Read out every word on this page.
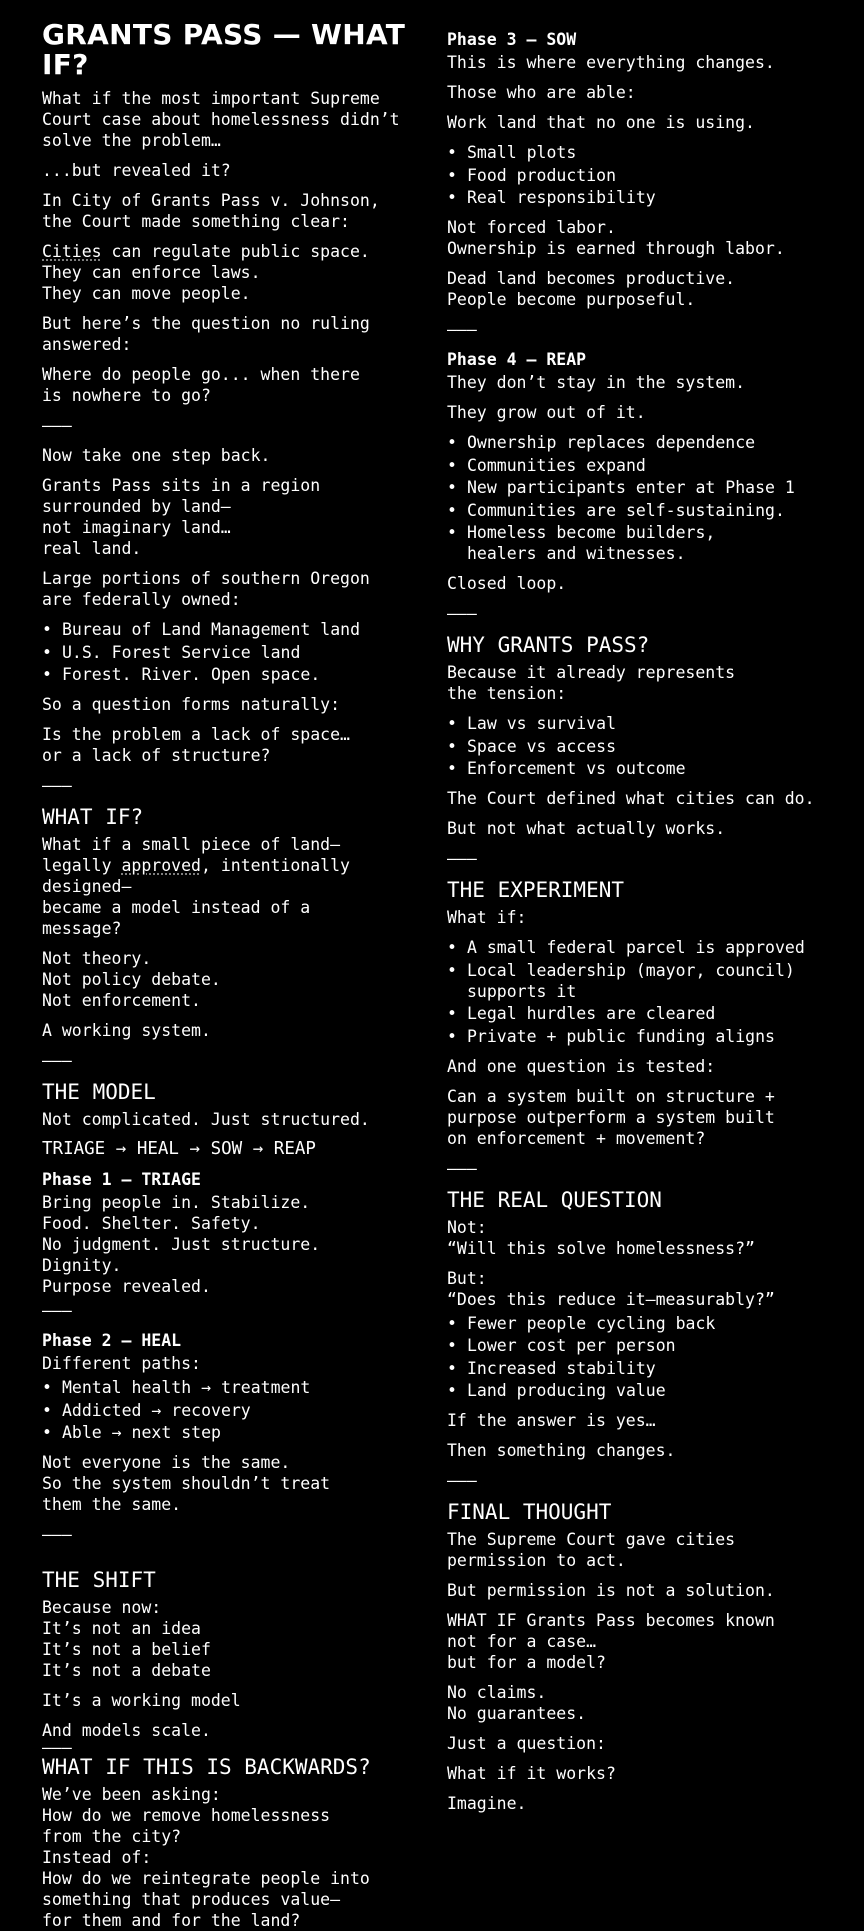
GRANTS PASS — WHAT IF?

What if the most important Supreme Court case about homelessness didn’t solve the problem…

...but revealed it?

In City of Grants Pass v. Johnson, the Court made something clear:

Cities can regulate public space.
They can enforce laws.
They can move people.

But here’s the question no ruling answered:

Where do people go... when there is nowhere to go?

———

Now take one step back.

Grants Pass sits in a region surrounded by land—
not imaginary land…
real land.

Large portions of southern Oregon are federally owned:

• Bureau of Land Management land
• U.S. Forest Service land
• Forest. River. Open space.

So a question forms naturally:

Is the problem a lack of space…
or a lack of structure?

———
WHAT IF?

What if a small piece of land—
legally approved, intentionally designed—
became a model instead of a message?

Not theory.
Not policy debate.
Not enforcement.

A working system.

———
THE MODEL

Not complicated. Just structured.

TRIAGE → HEAL → SOW → REAP

Phase 1 — TRIAGE

Bring people in. Stabilize.
Food. Shelter. Safety.
No judgment. Just structure.
Dignity.
Purpose revealed.

———
Phase 2 — HEAL

Different paths:

• Mental health → treatment
• Addicted → recovery
• Able → next step

Not everyone is the same.
So the system shouldn’t treat them the same.

———
THE SHIFT

Because now:
It’s not an idea
It’s not a belief
It’s not a debate

It’s a working model

And models scale.

———
WHAT IF THIS IS BACKWARDS?

We’ve been asking:
How do we remove homelessness from the city?
Instead of:
How do we reintegrate people into something that produces value—
for them and for the land?

Phase 3 — SOW

This is where everything changes.

Those who are able:

Work land that no one is using.

• Small plots
• Food production
• Real responsibility

Not forced labor.
Ownership is earned through labor.

Dead land becomes productive.
People become purposeful.

———
Phase 4 — REAP

They don’t stay in the system.

They grow out of it.

• Ownership replaces dependence
• Communities expand
• New participants enter at Phase 1
• Communities are self-sustaining.
• Homeless become builders,
healers and witnesses.

Closed loop.

———
WHY GRANTS PASS?

Because it already represents the tension:

• Law vs survival
• Space vs access
• Enforcement vs outcome

The Court defined what cities can do.

But not what actually works.

———
THE EXPERIMENT

What if:

• A small federal parcel is approved
• Local leadership (mayor, council)
supports it
• Legal hurdles are cleared
• Private + public funding aligns

And one question is tested:

Can a system built on structure + purpose outperform a system built on enforcement + movement?

———
THE REAL QUESTION

Not:
“Will this solve homelessness?”

But:
“Does this reduce it—measurably?”

• Fewer people cycling back
• Lower cost per person
• Increased stability
• Land producing value

If the answer is yes…

Then something changes.

———
FINAL THOUGHT

The Supreme Court gave cities permission to act.

But permission is not a solution.

WHAT IF Grants Pass becomes known not for a case…
but for a model?

No claims.
No guarantees.

Just a question:

What if it works?

Imagine.
